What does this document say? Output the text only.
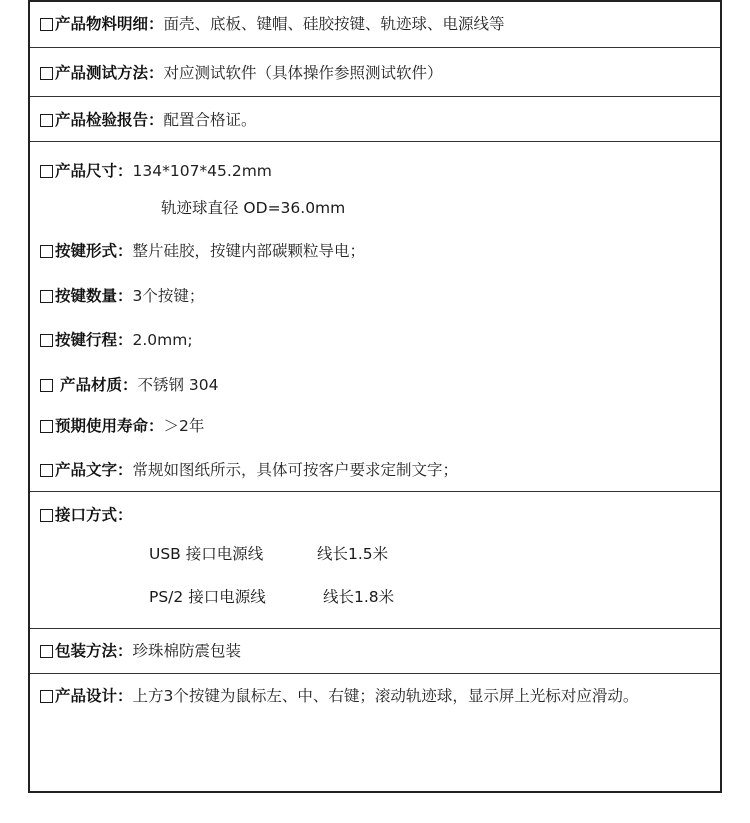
产品物料明细：面壳、底板、键帽、硅胶按键、轨迹球、电源线等
产品测试方法：对应测试软件（具体操作参照测试软件）
产品检验报告：配置合格证。
产品尺寸：134*107*45.2mm
轨迹球直径 OD=36.0mm
按键形式：整片硅胶，按键内部碳颗粒导电；
按键数量：3个按键；
按键行程：2.0mm;
产品材质：不锈钢 304
预期使用寿命：＞2年
产品文字：常规如图纸所示，具体可按客户要求定制文字；
接口方式：
USB 接口电源线	线长1.5米
PS/2 接口电源线	线长1.8米
包装方法：珍珠棉防震包装
产品设计：上方3个按键为鼠标左、中、右键；滚动轨迹球，显示屏上光标对应滑动。
